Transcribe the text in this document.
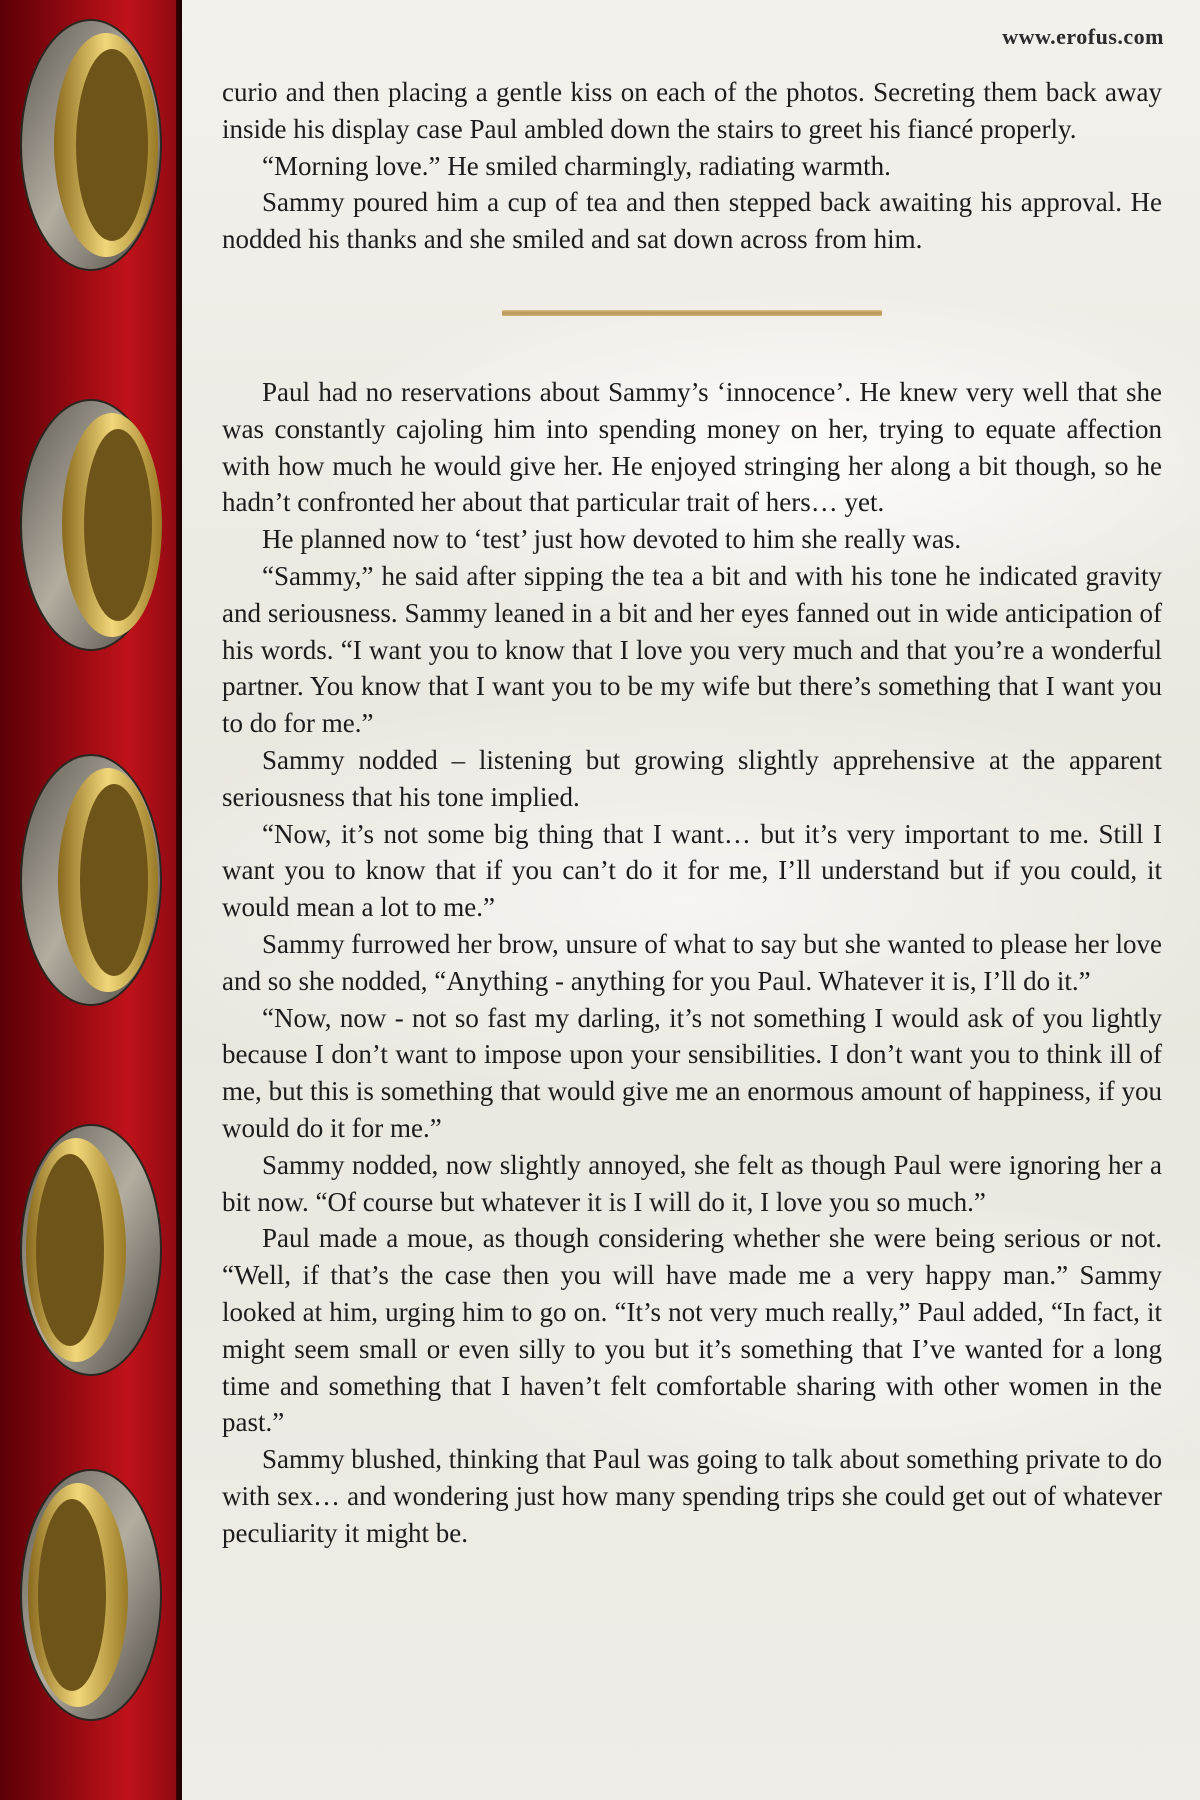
www.erofus.com

curio and then placing a gentle kiss on each of the photos. Secreting them back away inside his display case Paul ambled down the stairs to greet his fiancé properly.

“Morning love.” He smiled charmingly, radiating warmth.

Sammy poured him a cup of tea and then stepped back awaiting his approval. He nodded his thanks and she smiled and sat down across from him.

Paul had no reservations about Sammy’s ‘innocence’. He knew very well that she was constantly cajoling him into spending money on her, trying to equate affection with how much he would give her. He enjoyed stringing her along a bit though, so he hadn’t confronted her about that particular trait of hers… yet.

He planned now to ‘test’ just how devoted to him she really was.

“Sammy,” he said after sipping the tea a bit and with his tone he indicated gravity and seriousness. Sammy leaned in a bit and her eyes fanned out in wide anticipation of his words. “I want you to know that I love you very much and that you’re a wonderful partner. You know that I want you to be my wife but there’s something that I want you to do for me.”

Sammy nodded – listening but growing slightly apprehensive at the apparent seriousness that his tone implied.

“Now, it’s not some big thing that I want… but it’s very important to me. Still I want you to know that if you can’t do it for me, I’ll understand but if you could, it would mean a lot to me.”

Sammy furrowed her brow, unsure of what to say but she wanted to please her love and so she nodded, “Anything - anything for you Paul. Whatever it is, I’ll do it.”

“Now, now - not so fast my darling, it’s not something I would ask of you lightly because I don’t want to impose upon your sensibilities. I don’t want you to think ill of me, but this is something that would give me an enormous amount of happiness, if you would do it for me.”

Sammy nodded, now slightly annoyed, she felt as though Paul were ignoring her a bit now. “Of course but whatever it is I will do it, I love you so much.”

Paul made a moue, as though considering whether she were being serious or not. “Well, if that’s the case then you will have made me a very happy man.” Sammy looked at him, urging him to go on. “It’s not very much really,” Paul added, “In fact, it might seem small or even silly to you but it’s something that I’ve wanted for a long time and something that I haven’t felt comfortable sharing with other women in the past.”

Sammy blushed, thinking that Paul was going to talk about something private to do with sex… and wondering just how many spending trips she could get out of whatever peculiarity it might be.
